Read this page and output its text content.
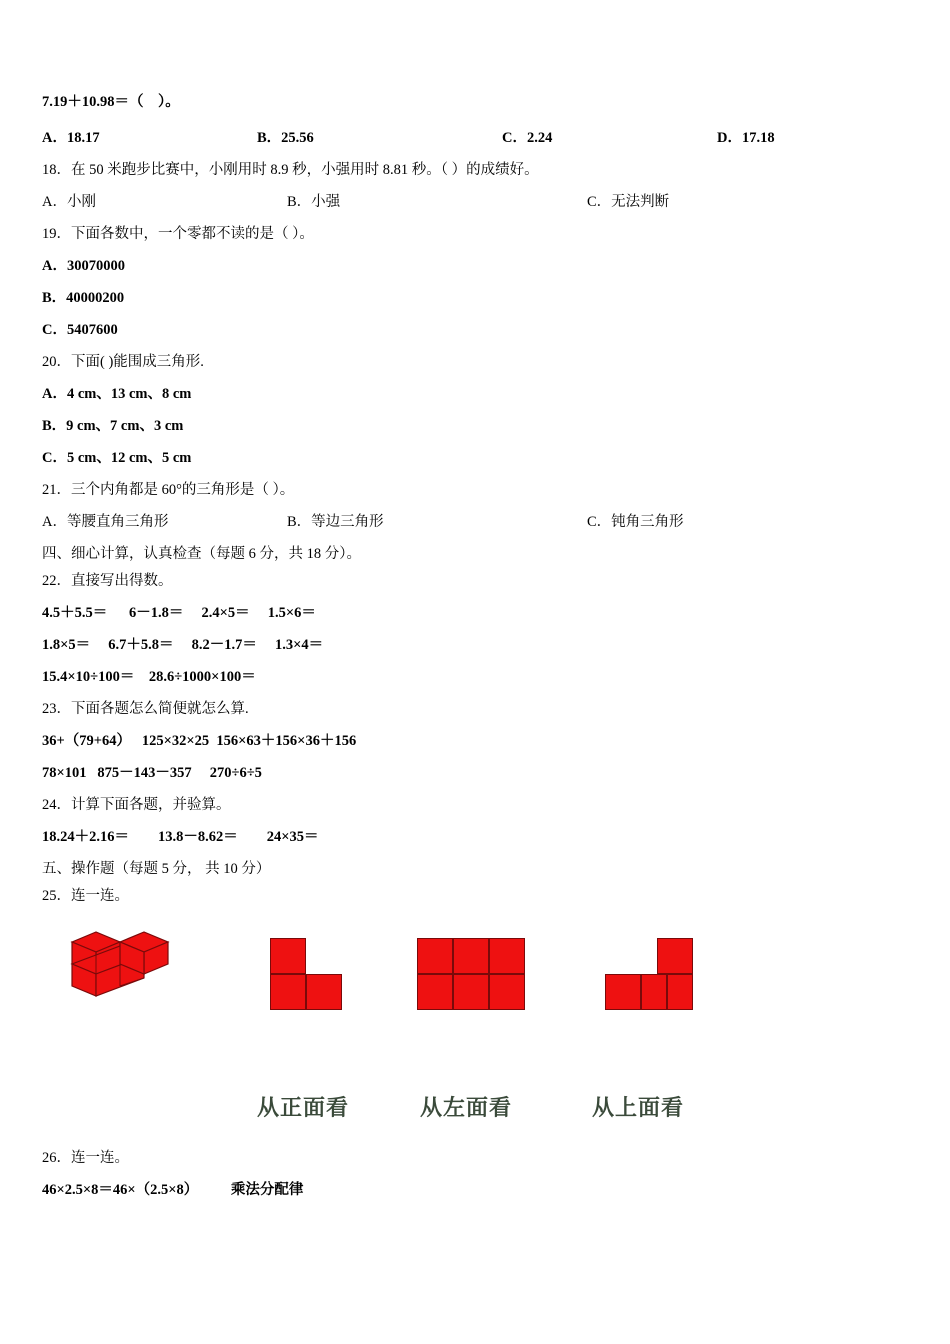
7.19＋10.98＝（    ）。
A．18.17	B．25.56	C．2.24	D．17.18
18．在 50 米跑步比赛中，小刚用时 8.9 秒，小强用时 8.81 秒。（ ）的成绩好。
A．小刚	B．小强	C．无法判断
19．下面各数中，一个零都不读的是（ ）。
A．30070000
B．40000200
C．5407600
20．下面( )能围成三角形.
A．4 cm、13 cm、8 cm
B．9 cm、7 cm、3 cm
C．5 cm、12 cm、5 cm
21．三个内角都是 60°的三角形是（ ）。
A．等腰直角三角形	B．等边三角形	C．钝角三角形
四、细心计算，认真检查（每题 6 分，共 18 分）。
22．直接写出得数。
4.5＋5.5＝      6－1.8＝     2.4×5＝     1.5×6＝
1.8×5＝     6.7＋5.8＝     8.2－1.7＝     1.3×4＝
15.4×10÷100＝    28.6÷1000×100＝
23．下面各题怎么简便就怎么算.
36+（79+64）   125×32×25  156×63＋156×36＋156
78×101   875－143－357     270÷6÷5
24．计算下面各题，并验算。
18.24＋2.16＝        13.8－8.62＝        24×35＝
五、操作题（每题 5 分， 共 10 分）
25．连一连。
从正面看	从左面看	从上面看
26．连一连。
46×2.5×8＝46×（2.5×8）         乘法分配律
